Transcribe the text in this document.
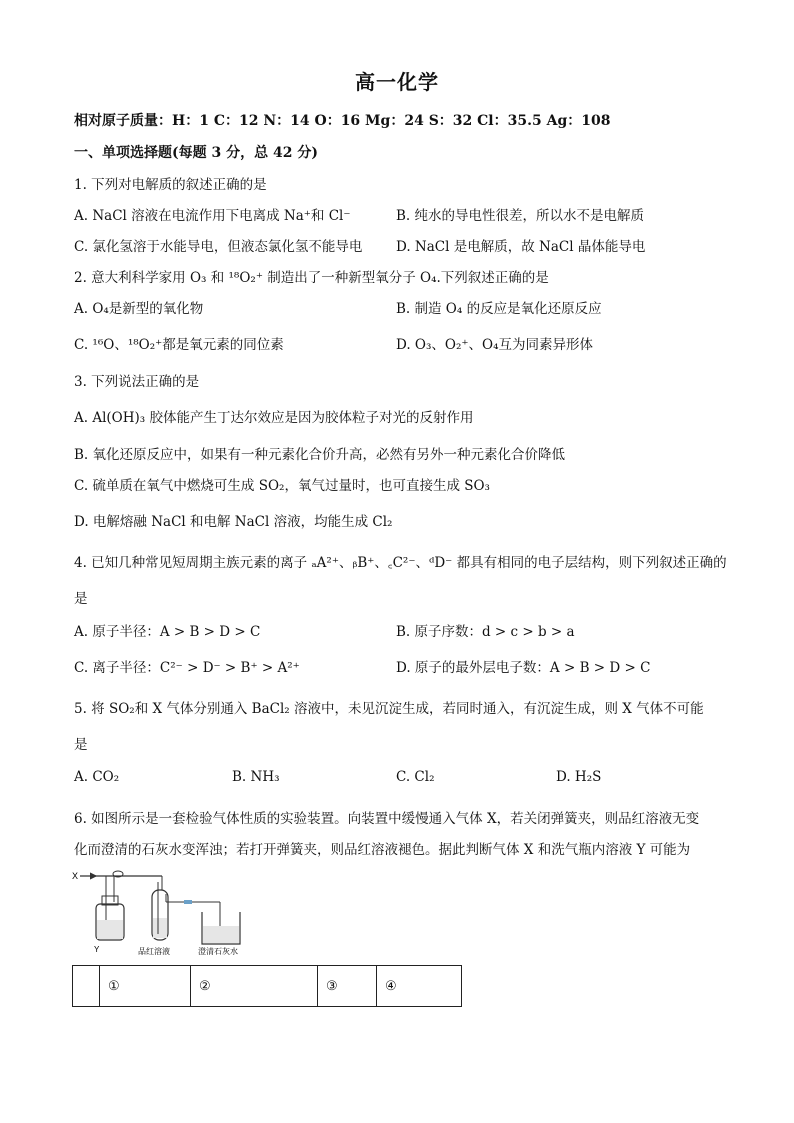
高一化学
相对原子质量：H：1 C：12 N：14 O：16 Mg：24 S：32 Cl：35.5 Ag：108
一、单项选择题(每题 3 分，总 42 分)
1. 下列对电解质的叙述正确的是
A. NaCl 溶液在电流作用下电离成 Na⁺和 Cl⁻	B. 纯水的导电性很差，所以水不是电解质
C. 氯化氢溶于水能导电，但液态氯化氢不能导电 D. NaCl 是电解质，故 NaCl 晶体能导电
2. 意大利科学家用 O₃ 和 ¹⁸O₂⁺ 制造出了一种新型氧分子 O₄.下列叙述正确的是
A. O₄是新型的氧化物	B. 制造 O₄ 的反应是氧化还原反应
C. ¹⁶O、¹⁸O₂⁺都是氧元素的同位素	D. O₃、O₂⁺、O₄互为同素异形体
3. 下列说法正确的是
A. Al(OH)₃ 胶体能产生丁达尔效应是因为胶体粒子对光的反射作用
B. 氧化还原反应中，如果有一种元素化合价升高，必然有另外一种元素化合价降低
C. 硫单质在氧气中燃烧可生成 SO₂，氧气过量时，也可直接生成 SO₃
D. 电解熔融 NaCl 和电解 NaCl 溶液，均能生成 Cl₂
4. 已知几种常见短周期主族元素的离子 ₐA²⁺、ᵦB⁺、꜀C²⁻、ᵈD⁻ 都具有相同的电子层结构，则下列叙述正确的
是
A. 原子半径：A > B > D > C	B. 原子序数：d > c > b > a
C. 离子半径：C²⁻ > D⁻ > B⁺ > A²⁺	D. 原子的最外层电子数：A > B > D > C
5. 将 SO₂和 X 气体分别通入 BaCl₂ 溶液中，未见沉淀生成，若同时通入，有沉淀生成，则 X 气体不可能
是
A. CO₂	B. NH₃	C. Cl₂	D. H₂S
6. 如图所示是一套检验气体性质的实验装置。向装置中缓慢通入气体 X，若关闭弹簧夹，则品红溶液无变
化而澄清的石灰水变浑浊；若打开弹簧夹，则品红溶液褪色。据此判断气体 X 和洗气瓶内溶液 Y 可能为
X
Y	品红溶液	澄清石灰水
	①	②	③	④
